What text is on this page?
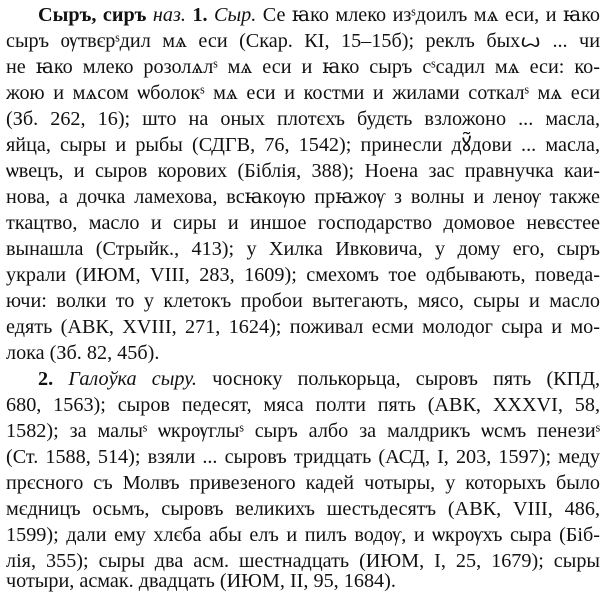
Сыръ, сиръ наз. 1. Сыр. Се ꙗко млеко изˢдоилъ мѧ еси, и ꙗко
сыръ ѹтвєрˢдил мѧ еси (Скар. КІ, 15–15б); реклъ быхꙍ ... чи
не ꙗко млеко розолѧлˢ мѧ еси и ꙗко сыръ сˢсадил мѧ еси: ко-
жою и мѧсом ѡболокˢ мѧ еси и костми и жилами соткалˢ мѧ еси
(Зб. 262, 16); што на оных плотєхъ будєть взложоно ... масла,
яйца, сыры и рыбы (СДГВ, 76, 1542); принесли дꙋ̃дови ... масла,
ѡвецъ, и сыров корових (Біблія, 388); Ноена зас правнучка каи-
нова, а дочка ламехова, всꙗкѹю прꙗжѹ з волны и ленѹ также
ткацтво, масло и сиры и иншое господарство домовое невєстее
вынашла (Стрыйк., 413); у Хилка Ивковича, у дому его, сыръ
украли (ИЮМ, VIII, 283, 1609); смехомъ тое одбывають, поведа-
ючи: волки то у клетокъ пробои вытегають, мясо, сыры и масло
едять (АВК, XVIII, 271, 1624); поживал есми молодог сыра и мо-
лока (Зб. 82, 45б).
2. Галоўка сыру. чосноку полькорьца, сыровъ пять (КПД,
680, 1563); сыров педесят, мяса полти пять (АВК, XXXVI, 58,
1582); за малыˢ ѡкрѹглыˢ сыръ албо за малдрикъ ѡсмъ пенезиˢ
(Ст. 1588, 514); взяли ... сыровъ тридцать (АСД, I, 203, 1597); меду
прєсного съ Молвъ привезеного кадей чотыры, у которыхъ было
мєдницъ осьмъ, сыровъ великихъ шестьдесятъ (АВК, VIII, 486,
1599); дали ему хлєба абы елъ и пилъ водѹ, и ѡкрѹхъ сыра (Біб-
лія, 355); сыры два асм. шестнадцать (ИЮМ, I, 25, 1679); сыры
чотыри, асмак. двадцать (ИЮМ, II, 95, 1684).
